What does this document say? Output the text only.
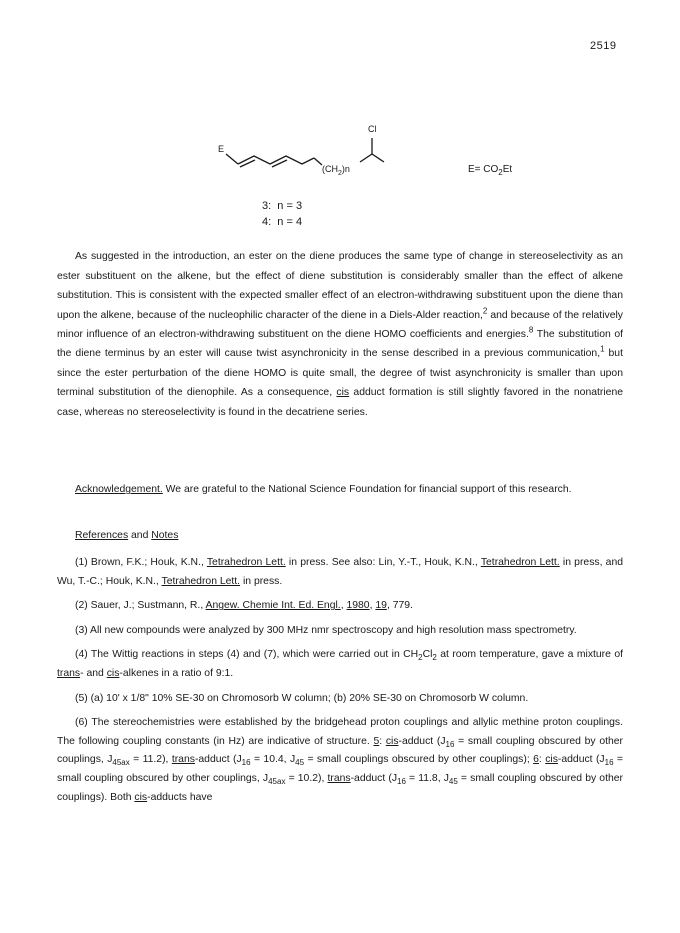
2519
E
Cl
$(CH_2)n$	$E= CO_2Et$
3:  n = 3
4:  n = 4

As suggested in the introduction, an ester on the diene produces the same type of change in stereoselectivity as an ester substituent on the alkene, but the effect of diene substitution is considerably smaller than the effect of alkene substitution. This is consistent with the expected smaller effect of an electron-withdrawing substituent upon the diene than upon the alkene, because of the nucleophilic character of the diene in a Diels-Alder reaction,$^2$ and because of the relatively minor influence of an electron-withdrawing substituent on the diene HOMO coefficients and energies.$^8$ The substitution of the diene terminus by an ester will cause twist asynchronicity in the sense described in a previous communication,$^1$ but since the ester perturbation of the diene HOMO is quite small, the degree of twist asynchronicity is smaller than upon terminal substitution of the dienophile. As a consequence, cis adduct formation is still slightly favored in the nonatriene case, whereas no stereoselectivity is found in the decatriene series.

Acknowledgement. We are grateful to the National Science Foundation for financial support of this research.

References and Notes

(1) Brown, F.K.; Houk, K.N., Tetrahedron Lett. in press. See also: Lin, Y.-T., Houk, K.N., Tetrahedron Lett. in press, and Wu, T.-C.; Houk, K.N., Tetrahedron Lett. in press.

(2) Sauer, J.; Sustmann, R., Angew. Chemie Int. Ed. Engl., 1980, 19, 779.

(3) All new compounds were analyzed by 300 MHz nmr spectroscopy and high resolution mass spectrometry.

(4) The Wittig reactions in steps (4) and (7), which were carried out in $CH_2Cl_2$ at room temperature, gave a mixture of trans- and cis-alkenes in a ratio of 9:1.

(5) (a) 10' x 1/8" 10% SE-30 on Chromosorb W column; (b) 20% SE-30 on Chromosorb W column.

(6) The stereochemistries were established by the bridgehead proton couplings and allylic methine proton couplings. The following coupling constants (in Hz) are indicative of structure. 5: cis-adduct ($J_{16}$ = small coupling obscured by other couplings, $J_{45ax} = 11.2$), trans-adduct ($J_{16} = 10.4$, $J_{45}$ = small couplings obscured by other couplings); 6: cis-adduct ($J_{16}$ = small coupling obscured by other couplings, $J_{45ax} = 10.2$), trans-adduct ($J_{16} = 11.8$, $J_{45}$ = small coupling obscured by other couplings). Both cis-adducts have
